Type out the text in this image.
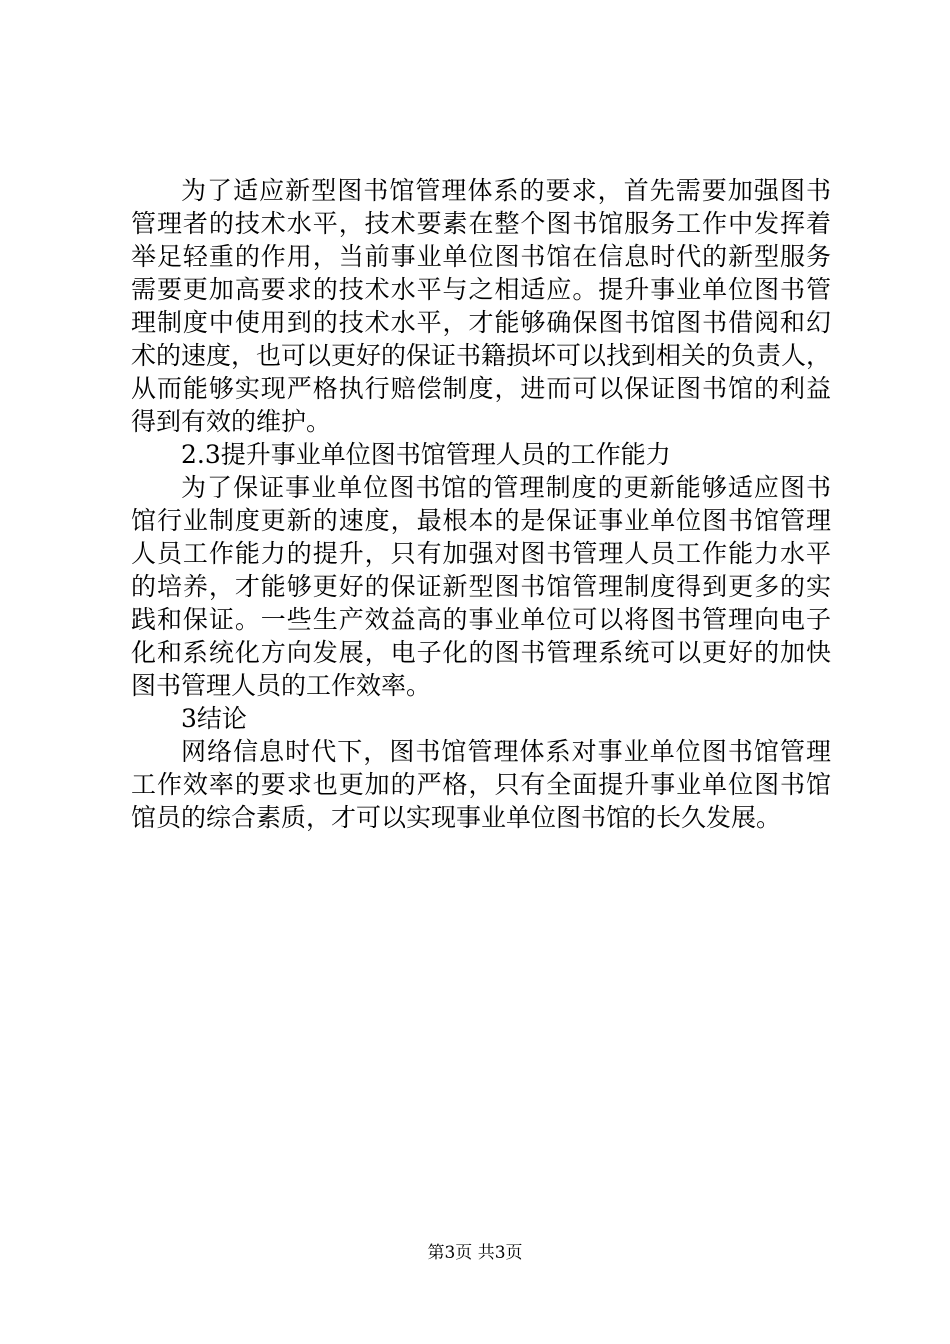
为了适应新型图书馆管理体系的要求，首先需要加强图书
管理者的技术水平，技术要素在整个图书馆服务工作中发挥着
举足轻重的作用，当前事业单位图书馆在信息时代的新型服务
需要更加高要求的技术水平与之相适应。提升事业单位图书管
理制度中使用到的技术水平，才能够确保图书馆图书借阅和幻
术的速度，也可以更好的保证书籍损坏可以找到相关的负责人，
从而能够实现严格执行赔偿制度，进而可以保证图书馆的利益
得到有效的维护。
2.3提升事业单位图书馆管理人员的工作能力
为了保证事业单位图书馆的管理制度的更新能够适应图书
馆行业制度更新的速度，最根本的是保证事业单位图书馆管理
人员工作能力的提升，只有加强对图书管理人员工作能力水平
的培养，才能够更好的保证新型图书馆管理制度得到更多的实
践和保证。一些生产效益高的事业单位可以将图书管理向电子
化和系统化方向发展，电子化的图书管理系统可以更好的加快
图书管理人员的工作效率。
3结论
网络信息时代下，图书馆管理体系对事业单位图书馆管理
工作效率的要求也更加的严格，只有全面提升事业单位图书馆
馆员的综合素质，才可以实现事业单位图书馆的长久发展。
第3页 共3页
